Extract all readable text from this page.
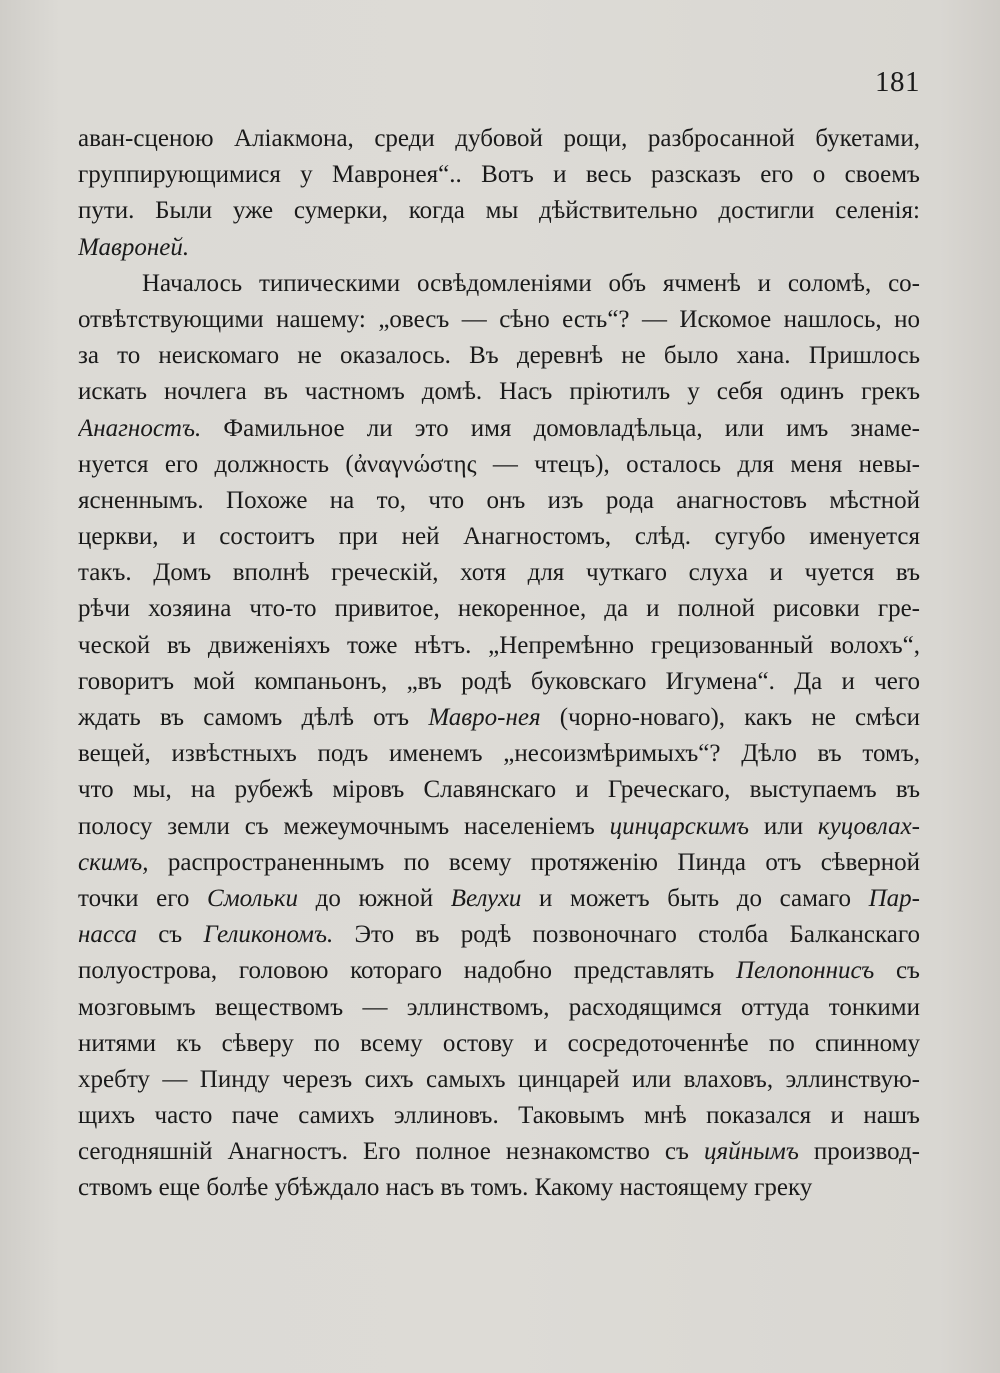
181
аван-сценою Аліакмона, среди дубовой рощи, разбросанной букетами,
группирующимися у Мавронея“.. Вотъ и весь разсказъ его о своемъ
пути. Были уже сумерки, когда мы дѣйствительно достигли селенія:
Маврoней.
Началось типическими освѣдомленіями объ ячменѣ и соломѣ, со-
отвѣтствующими нашему: „овесъ — сѣно есть“? — Искомое нашлось, но
за то неискомаго не оказалось. Въ деревнѣ не было хана. Пришлось
искать ночлега въ частномъ домѣ. Насъ пріютилъ у себя одинъ грекъ
Анагностъ. Фамильное ли это имя домовладѣльца, или имъ знаме-
нуется его должность (ἀναγνώστης — чтецъ), осталось для меня невы-
ясненнымъ. Похоже на то, что онъ изъ рода анагностовъ мѣстной
церкви, и состоитъ при ней Анагностомъ, слѣд. сугубо именуется
такъ. Домъ вполнѣ греческій, хотя для чуткаго слуха и чуется въ
рѣчи хозяина что-то привитое, некоренное, да и полной рисовки гре-
ческой въ движеніяхъ тоже нѣтъ. „Непремѣнно грецизованный волохъ“,
говоритъ мой компаньонъ, „въ родѣ буковскаго Игумена“. Да и чего
ждать въ самомъ дѣлѣ отъ Мавро-нея (чорно-новаго), какъ не смѣси
вещей, извѣстныхъ подъ именемъ „несоизмѣримыхъ“? Дѣло въ томъ,
что мы, на рубежѣ міровъ Славянскаго и Греческаго, выступаемъ въ
полосу земли съ межеумочнымъ населеніемъ цинцарскимъ или куцовлах-
скимъ, распространеннымъ по всему протяженію Пинда отъ сѣверной
точки его Смольки до южной Велухи и можетъ быть до самаго Пар-
насса съ Геликономъ. Это въ родѣ позвоночнаго столба Балканскаго
полуострова, головою котораго надобно представлять Пелопоннисъ съ
мозговымъ веществомъ — эллинствомъ, расходящимся оттуда тонкими
нитями къ сѣверу по всему остову и сосредоточеннѣе по спинному
хребту — Пинду черезъ сихъ самыхъ цинцарей или влаховъ, эллинствую-
щихъ часто паче самихъ эллиновъ. Таковымъ мнѣ показался и нашъ
сегодняшній Анагностъ. Его полное незнакомство съ цяйнымъ производ-
ствомъ еще болѣе убѣждало насъ въ томъ. Какому настоящему греку
